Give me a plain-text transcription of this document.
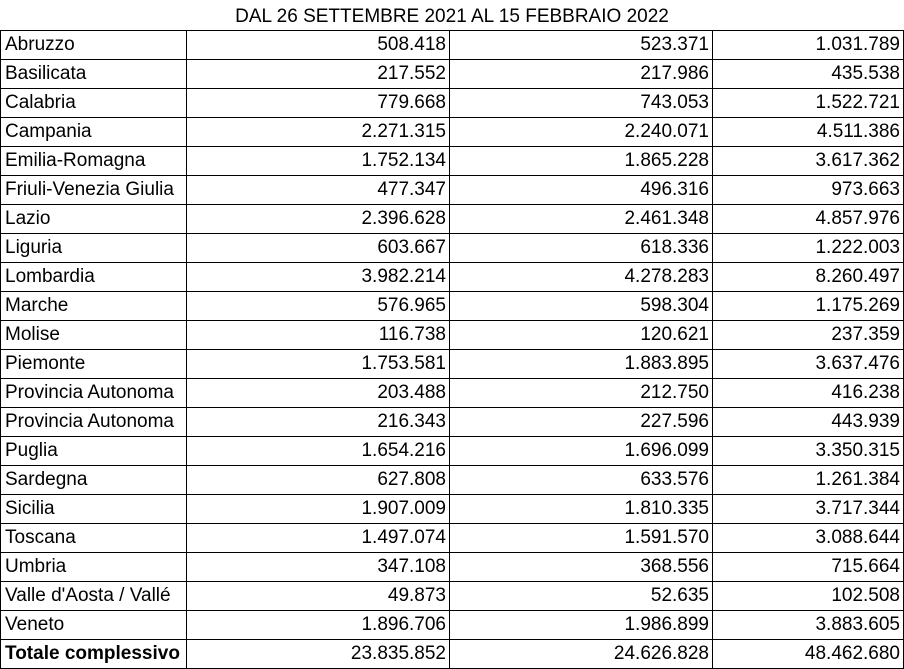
DAL 26 SETTEMBRE 2021 AL 15 FEBBRAIO 2022
Abruzzo	508.418	523.371	1.031.789
Basilicata	217.552	217.986	435.538
Calabria	779.668	743.053	1.522.721
Campania	2.271.315	2.240.071	4.511.386
Emilia-Romagna	1.752.134	1.865.228	3.617.362
Friuli-Venezia Giulia	477.347	496.316	973.663
Lazio	2.396.628	2.461.348	4.857.976
Liguria	603.667	618.336	1.222.003
Lombardia	3.982.214	4.278.283	8.260.497
Marche	576.965	598.304	1.175.269
Molise	116.738	120.621	237.359
Piemonte	1.753.581	1.883.895	3.637.476
Provincia Autonoma	203.488	212.750	416.238
Provincia Autonoma	216.343	227.596	443.939
Puglia	1.654.216	1.696.099	3.350.315
Sardegna	627.808	633.576	1.261.384
Sicilia	1.907.009	1.810.335	3.717.344
Toscana	1.497.074	1.591.570	3.088.644
Umbria	347.108	368.556	715.664
Valle d'Aosta / Vallé	49.873	52.635	102.508
Veneto	1.896.706	1.986.899	3.883.605
Totale complessivo	23.835.852	24.626.828	48.462.680
